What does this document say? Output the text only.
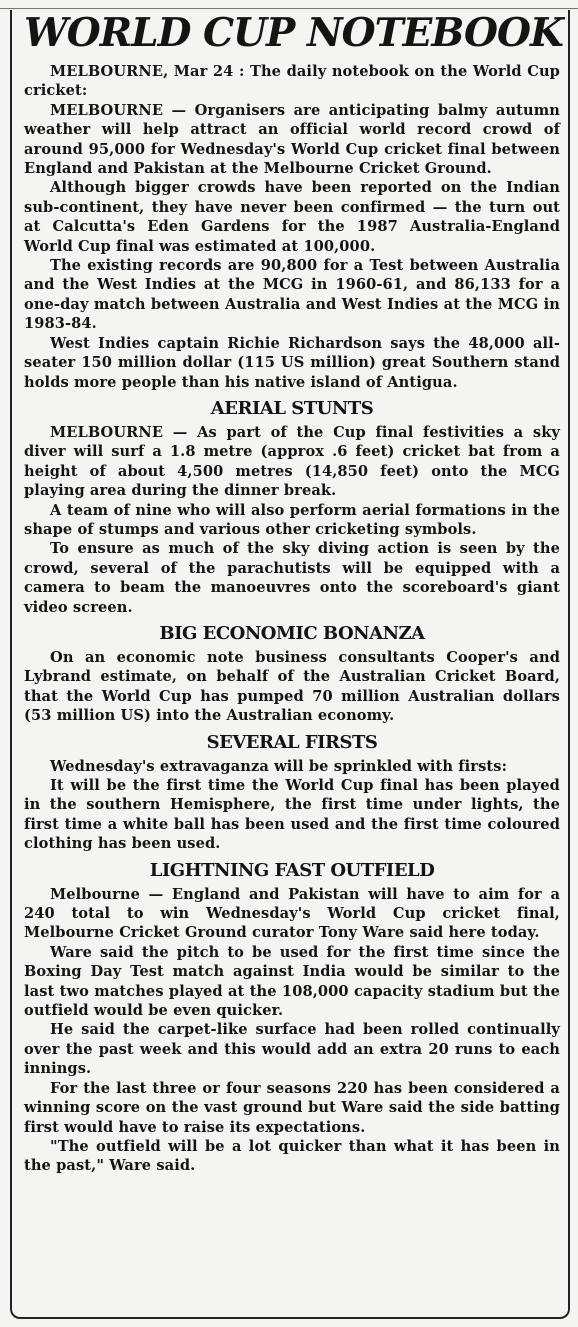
WORLD CUP NOTEBOOK

MELBOURNE, Mar 24 : The daily notebook on the World Cup cricket:

MELBOURNE — Organisers are anticipating balmy autumn weather will help attract an official world record crowd of around 95,000 for Wednesday's World Cup cricket final between England and Pakistan at the Melbourne Cricket Ground.

Although bigger crowds have been reported on the Indian sub-continent, they have never been confirmed — the turn out at Calcutta's Eden Gardens for the 1987 Australia-England World Cup final was estimated at 100,000.

The existing records are 90,800 for a Test between Australia and the West Indies at the MCG in 1960-61, and 86,133 for a one-day match between Australia and West Indies at the MCG in 1983-84.

West Indies captain Richie Richardson says the 48,000 all-seater 150 million dollar (115 US million) great Southern stand holds more people than his native island of Antigua.

AERIAL STUNTS

MELBOURNE — As part of the Cup final festivities a sky diver will surf a 1.8 metre (approx .6 feet) cricket bat from a height of about 4,500 metres (14,850 feet) onto the MCG playing area during the dinner break.

A team of nine who will also perform aerial formations in the shape of stumps and various other cricketing symbols.

To ensure as much of the sky diving action is seen by the crowd, several of the parachutists will be equipped with a camera to beam the manoeuvres onto the scoreboard's giant video screen.

BIG ECONOMIC BONANZA

On an economic note business consultants Cooper's and Lybrand estimate, on behalf of the Australian Cricket Board, that the World Cup has pumped 70 million Australian dollars (53 million US) into the Australian economy.

SEVERAL FIRSTS

Wednesday's extravaganza will be sprinkled with firsts:

It will be the first time the World Cup final has been played in the southern Hemisphere, the first time under lights, the first time a white ball has been used and the first time coloured clothing has been used.

LIGHTNING FAST OUTFIELD

Melbourne — England and Pakistan will have to aim for a 240 total to win Wednesday's World Cup cricket final, Melbourne Cricket Ground curator Tony Ware said here today.

Ware said the pitch to be used for the first time since the Boxing Day Test match against India would be similar to the last two matches played at the 108,000 capacity stadium but the outfield would be even quicker.

He said the carpet-like surface had been rolled continually over the past week and this would add an extra 20 runs to each innings.

For the last three or four seasons 220 has been considered a winning score on the vast ground but Ware said the side batting first would have to raise its expectations.

"The outfield will be a lot quicker than what it has been in the past," Ware said.
